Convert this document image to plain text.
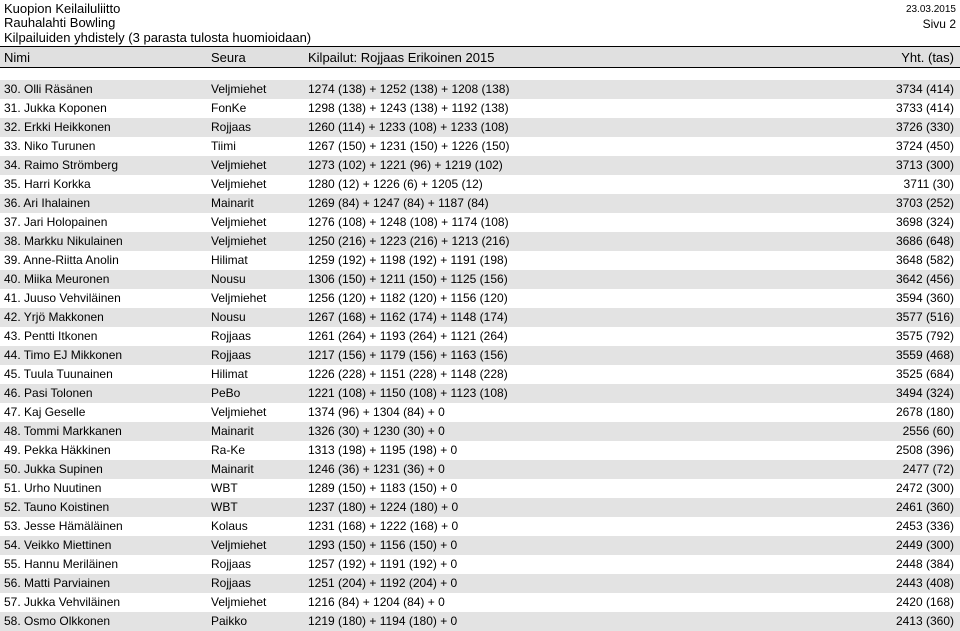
Kuopion Keilailuliitto
Rauhalahti Bowling
Kilpailuiden yhdistely (3 parasta tulosta huomioidaan)
23.03.2015
Sivu 2
Nimi	Seura	Kilpailut: Rojjaas Erikoinen 2015	Yht. (tas)
30. Olli Räsänen	Veljmiehet	1274 (138) + 1252 (138) + 1208 (138)	3734 (414)
31. Jukka Koponen	FonKe	1298 (138) + 1243 (138) + 1192 (138)	3733 (414)
32. Erkki Heikkonen	Rojjaas	1260 (114) + 1233 (108) + 1233 (108)	3726 (330)
33. Niko Turunen	Tiimi	1267 (150) + 1231 (150) + 1226 (150)	3724 (450)
34. Raimo Strömberg	Veljmiehet	1273 (102) + 1221 (96) + 1219 (102)	3713 (300)
35. Harri Korkka	Veljmiehet	1280 (12) + 1226 (6) + 1205 (12)	3711 (30)
36. Ari Ihalainen	Mainarit	1269 (84) + 1247 (84) + 1187 (84)	3703 (252)
37. Jari Holopainen	Veljmiehet	1276 (108) + 1248 (108) + 1174 (108)	3698 (324)
38. Markku Nikulainen	Veljmiehet	1250 (216) + 1223 (216) + 1213 (216)	3686 (648)
39. Anne-Riitta Anolin	Hilimat	1259 (192) + 1198 (192) + 1191 (198)	3648 (582)
40. Miika Meuronen	Nousu	1306 (150) + 1211 (150) + 1125 (156)	3642 (456)
41. Juuso Vehviläinen	Veljmiehet	1256 (120) + 1182 (120) + 1156 (120)	3594 (360)
42. Yrjö Makkonen	Nousu	1267 (168) + 1162 (174) + 1148 (174)	3577 (516)
43. Pentti Itkonen	Rojjaas	1261 (264) + 1193 (264) + 1121 (264)	3575 (792)
44. Timo EJ Mikkonen	Rojjaas	1217 (156) + 1179 (156) + 1163 (156)	3559 (468)
45. Tuula Tuunainen	Hilimat	1226 (228) + 1151 (228) + 1148 (228)	3525 (684)
46. Pasi Tolonen	PeBo	1221 (108) + 1150 (108) + 1123 (108)	3494 (324)
47. Kaj Geselle	Veljmiehet	1374 (96) + 1304 (84) + 0	2678 (180)
48. Tommi Markkanen	Mainarit	1326 (30) + 1230 (30) + 0	2556 (60)
49. Pekka Häkkinen	Ra-Ke	1313 (198) + 1195 (198) + 0	2508 (396)
50. Jukka Supinen	Mainarit	1246 (36) + 1231 (36) + 0	2477 (72)
51. Urho Nuutinen	WBT	1289 (150) + 1183 (150) + 0	2472 (300)
52. Tauno Koistinen	WBT	1237 (180) + 1224 (180) + 0	2461 (360)
53. Jesse Hämäläinen	Kolaus	1231 (168) + 1222 (168) + 0	2453 (336)
54. Veikko Miettinen	Veljmiehet	1293 (150) + 1156 (150) + 0	2449 (300)
55. Hannu Meriläinen	Rojjaas	1257 (192) + 1191 (192) + 0	2448 (384)
56. Matti Parviainen	Rojjaas	1251 (204) + 1192 (204) + 0	2443 (408)
57. Jukka Vehviläinen	Veljmiehet	1216 (84) + 1204 (84) + 0	2420 (168)
58. Osmo Olkkonen	Paikko	1219 (180) + 1194 (180) + 0	2413 (360)
